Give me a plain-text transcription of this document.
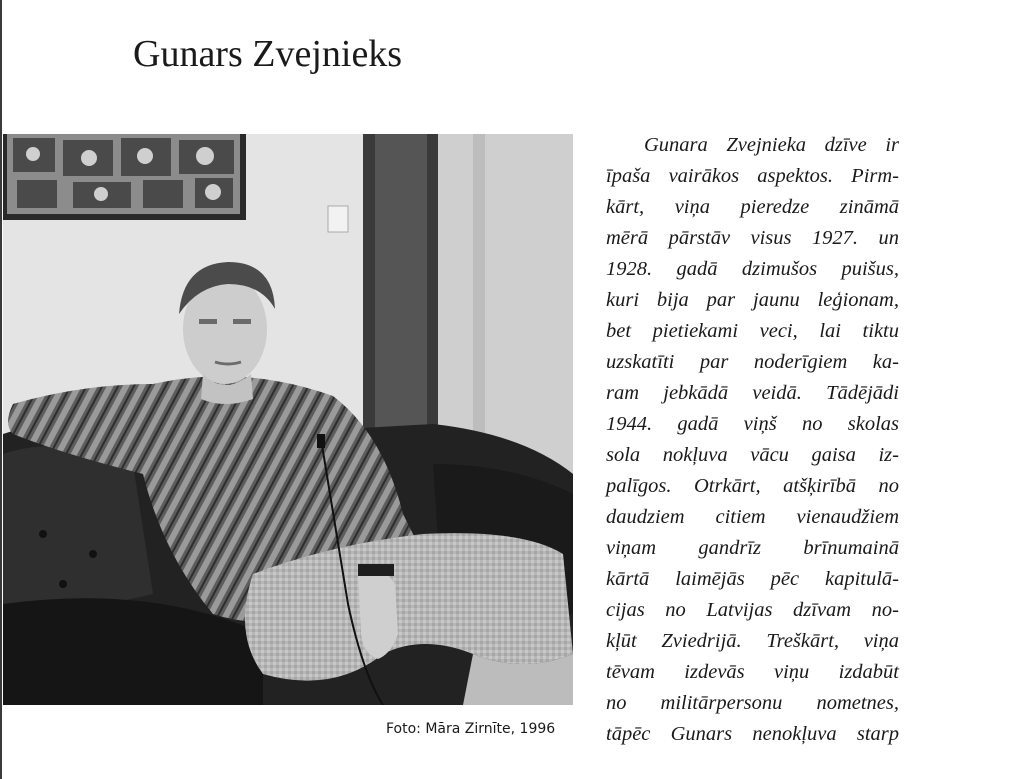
Gunars Zvejnieks
Foto: Māra Zirnīte, 1996
Gunara Zvejnieka dzīve ir
īpaša vairākos aspektos. Pirm-
kārt, viņa pieredze zināmā
mērā pārstāv visus 1927. un
1928. gadā dzimušos puišus,
kuri bija par jaunu leģionam,
bet pietiekami veci, lai tiktu
uzskatīti par noderīgiem ka-
ram jebkādā veidā. Tādējādi
1944. gadā viņš no skolas
sola nokļuva vācu gaisa iz-
palīgos. Otrkārt, atšķirībā no
daudziem citiem vienaudžiem
viņam gandrīz brīnumainā
kārtā laimējās pēc kapitulā-
cijas no Latvijas dzīvam no-
kļūt Zviedrijā. Treškārt, viņa
tēvam izdevās viņu izdabūt
no militārpersonu nometnes,
tāpēc Gunars nenokļuva starp
